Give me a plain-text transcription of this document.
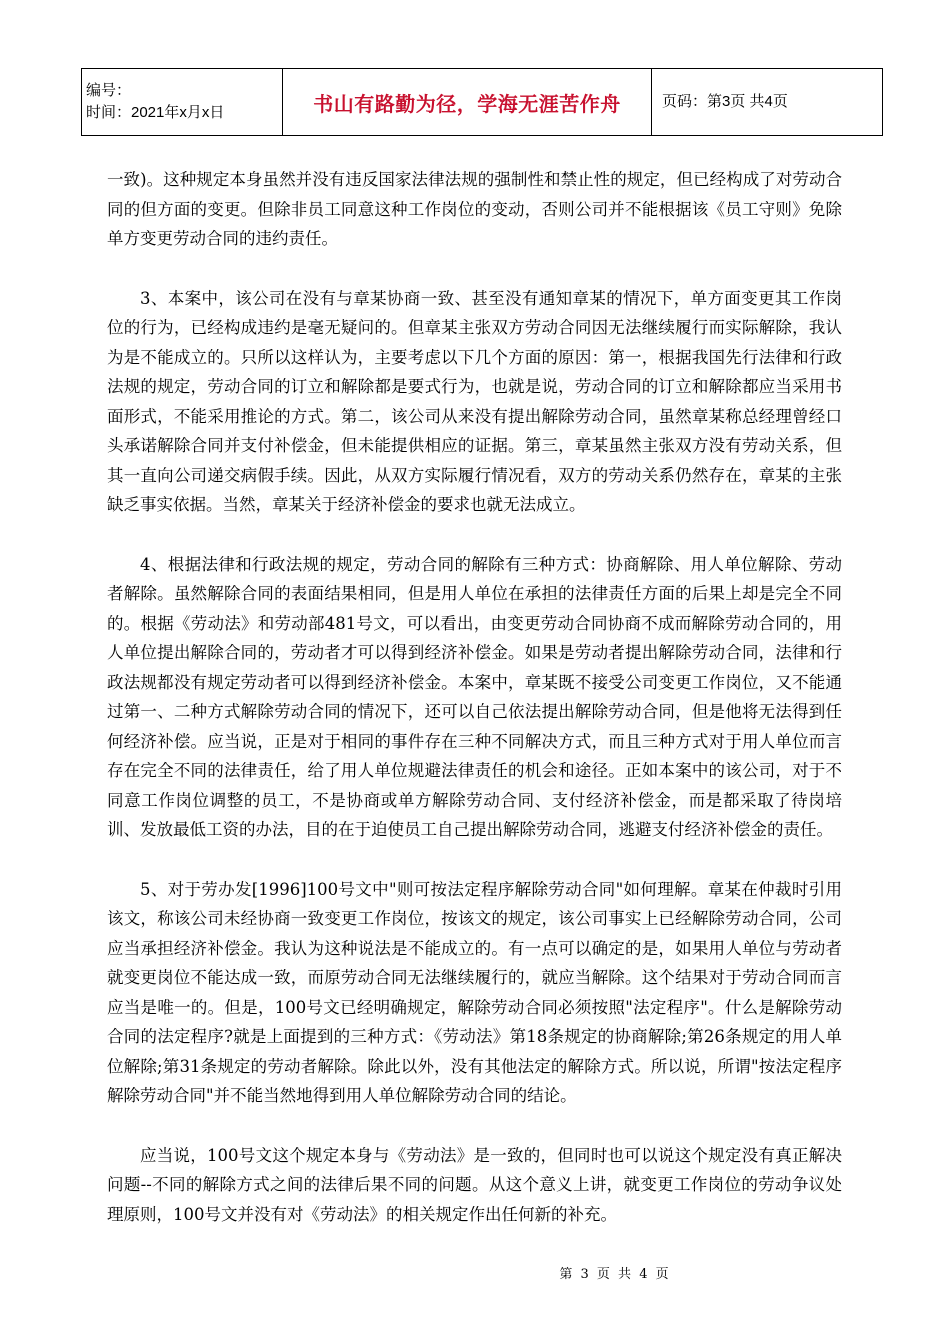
编号：
时间：2021年x月x日	书山有路勤为径，学海无涯苦作舟	页码：第3页 共4页

一致)。这种规定本身虽然并没有违反国家法律法规的强制性和禁止性的规定，但已经构成了对劳动合同的但方面的变更。但除非员工同意这种工作岗位的变动，否则公司并不能根据该《员工守则》免除单方变更劳动合同的违约责任。

3、本案中，该公司在没有与章某协商一致、甚至没有通知章某的情况下，单方面变更其工作岗位的行为，已经构成违约是毫无疑问的。但章某主张双方劳动合同因无法继续履行而实际解除，我认为是不能成立的。只所以这样认为，主要考虑以下几个方面的原因：第一，根据我国先行法律和行政法规的规定，劳动合同的订立和解除都是要式行为，也就是说，劳动合同的订立和解除都应当采用书面形式，不能采用推论的方式。第二，该公司从来没有提出解除劳动合同，虽然章某称总经理曾经口头承诺解除合同并支付补偿金，但未能提供相应的证据。第三，章某虽然主张双方没有劳动关系，但其一直向公司递交病假手续。因此，从双方实际履行情况看，双方的劳动关系仍然存在，章某的主张缺乏事实依据。当然，章某关于经济补偿金的要求也就无法成立。

4、根据法律和行政法规的规定，劳动合同的解除有三种方式：协商解除、用人单位解除、劳动者解除。虽然解除合同的表面结果相同，但是用人单位在承担的法律责任方面的后果上却是完全不同的。根据《劳动法》和劳动部481号文，可以看出，由变更劳动合同协商不成而解除劳动合同的，用人单位提出解除合同的，劳动者才可以得到经济补偿金。如果是劳动者提出解除劳动合同，法律和行政法规都没有规定劳动者可以得到经济补偿金。本案中，章某既不接受公司变更工作岗位，又不能通过第一、二种方式解除劳动合同的情况下，还可以自己依法提出解除劳动合同，但是他将无法得到任何经济补偿。应当说，正是对于相同的事件存在三种不同解决方式，而且三种方式对于用人单位而言存在完全不同的法律责任，给了用人单位规避法律责任的机会和途径。正如本案中的该公司，对于不同意工作岗位调整的员工，不是协商或单方解除劳动合同、支付经济补偿金，而是都采取了待岗培训、发放最低工资的办法，目的在于迫使员工自己提出解除劳动合同，逃避支付经济补偿金的责任。

5、对于劳办发[1996]100号文中"则可按法定程序解除劳动合同"如何理解。章某在仲裁时引用该文，称该公司未经协商一致变更工作岗位，按该文的规定，该公司事实上已经解除劳动合同，公司应当承担经济补偿金。我认为这种说法是不能成立的。有一点可以确定的是，如果用人单位与劳动者就变更岗位不能达成一致，而原劳动合同无法继续履行的，就应当解除。这个结果对于劳动合同而言应当是唯一的。但是，100号文已经明确规定，解除劳动合同必须按照"法定程序"。什么是解除劳动合同的法定程序?就是上面提到的三种方式：《劳动法》第18条规定的协商解除;第26条规定的用人单位解除;第31条规定的劳动者解除。除此以外，没有其他法定的解除方式。所以说，所谓"按法定程序解除劳动合同"并不能当然地得到用人单位解除劳动合同的结论。

应当说，100号文这个规定本身与《劳动法》是一致的，但同时也可以说这个规定没有真正解决问题--不同的解除方式之间的法律后果不同的问题。从这个意义上讲，就变更工作岗位的劳动争议处理原则，100号文并没有对《劳动法》的相关规定作出任何新的补充。

第 3 页 共 4 页
